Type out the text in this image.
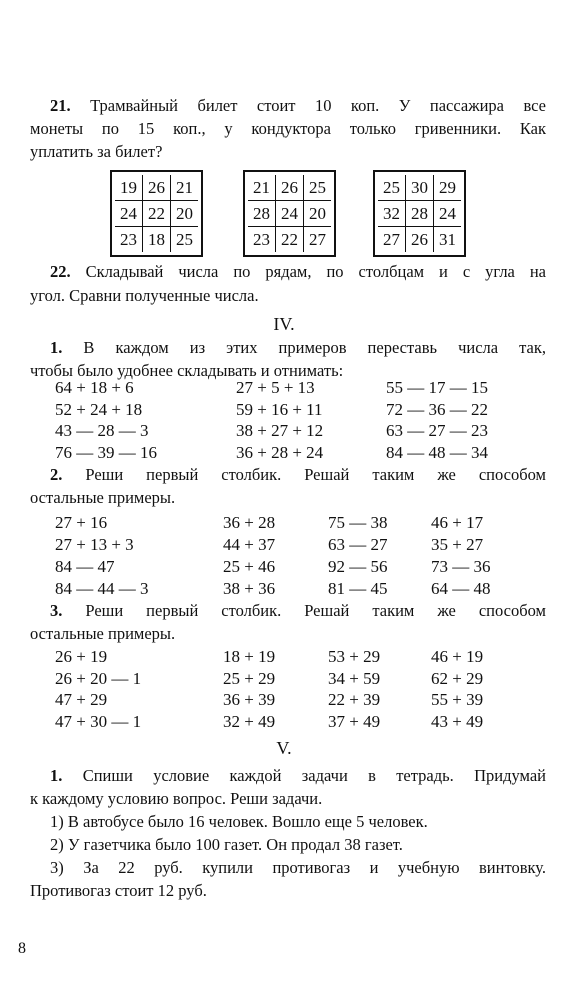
21. Трамвайный билет стоит 10 коп. У пассажира все
монеты по 15 коп., у кондуктора только гривенники. Как
уплатить за билет?
19	26	21
24	22	20
23	18	25
21	26	25
28	24	20
23	22	27
25	30	29
32	28	24
27	26	31
22. Складывай числа по рядам, по столбцам и с угла на
угол. Сравни полученные числа.
IV.
1. В каждом из этих примеров переставь числа так,
чтобы было удобнее складывать и отнимать:
64 + 18 + 6	27 + 5 + 13	55 — 17 — 15
52 + 24 + 18	59 + 16 + 11	72 — 36 — 22
43 — 28 — 3	38 + 27 + 12	63 — 27 — 23
76 — 39 — 16	36 + 28 + 24	84 — 48 — 34
2. Реши первый столбик. Решай таким же способом
остальные примеры.
27 + 16	36 + 28	75 — 38	46 + 17
27 + 13 + 3	44 + 37	63 — 27	35 + 27
84 — 47	25 + 46	92 — 56	73 — 36
84 — 44 — 3	38 + 36	81 — 45	64 — 48
3. Реши первый столбик. Решай таким же способом
остальные примеры.
26 + 19	18 + 19	53 + 29	46 + 19
26 + 20 — 1	25 + 29	34 + 59	62 + 29
47 + 29	36 + 39	22 + 39	55 + 39
47 + 30 — 1	32 + 49	37 + 49	43 + 49
V.
1. Спиши условие каждой задачи в тетрадь. Придумай
к каждому условию вопрос. Реши задачи.
1) В автобусе было 16 человек. Вошло еще 5 человек.
2) У газетчика было 100 газет. Он продал 38 газет.
3) За 22 руб. купили противогаз и учебную винтовку.
Противогаз стоит 12 руб.
8
